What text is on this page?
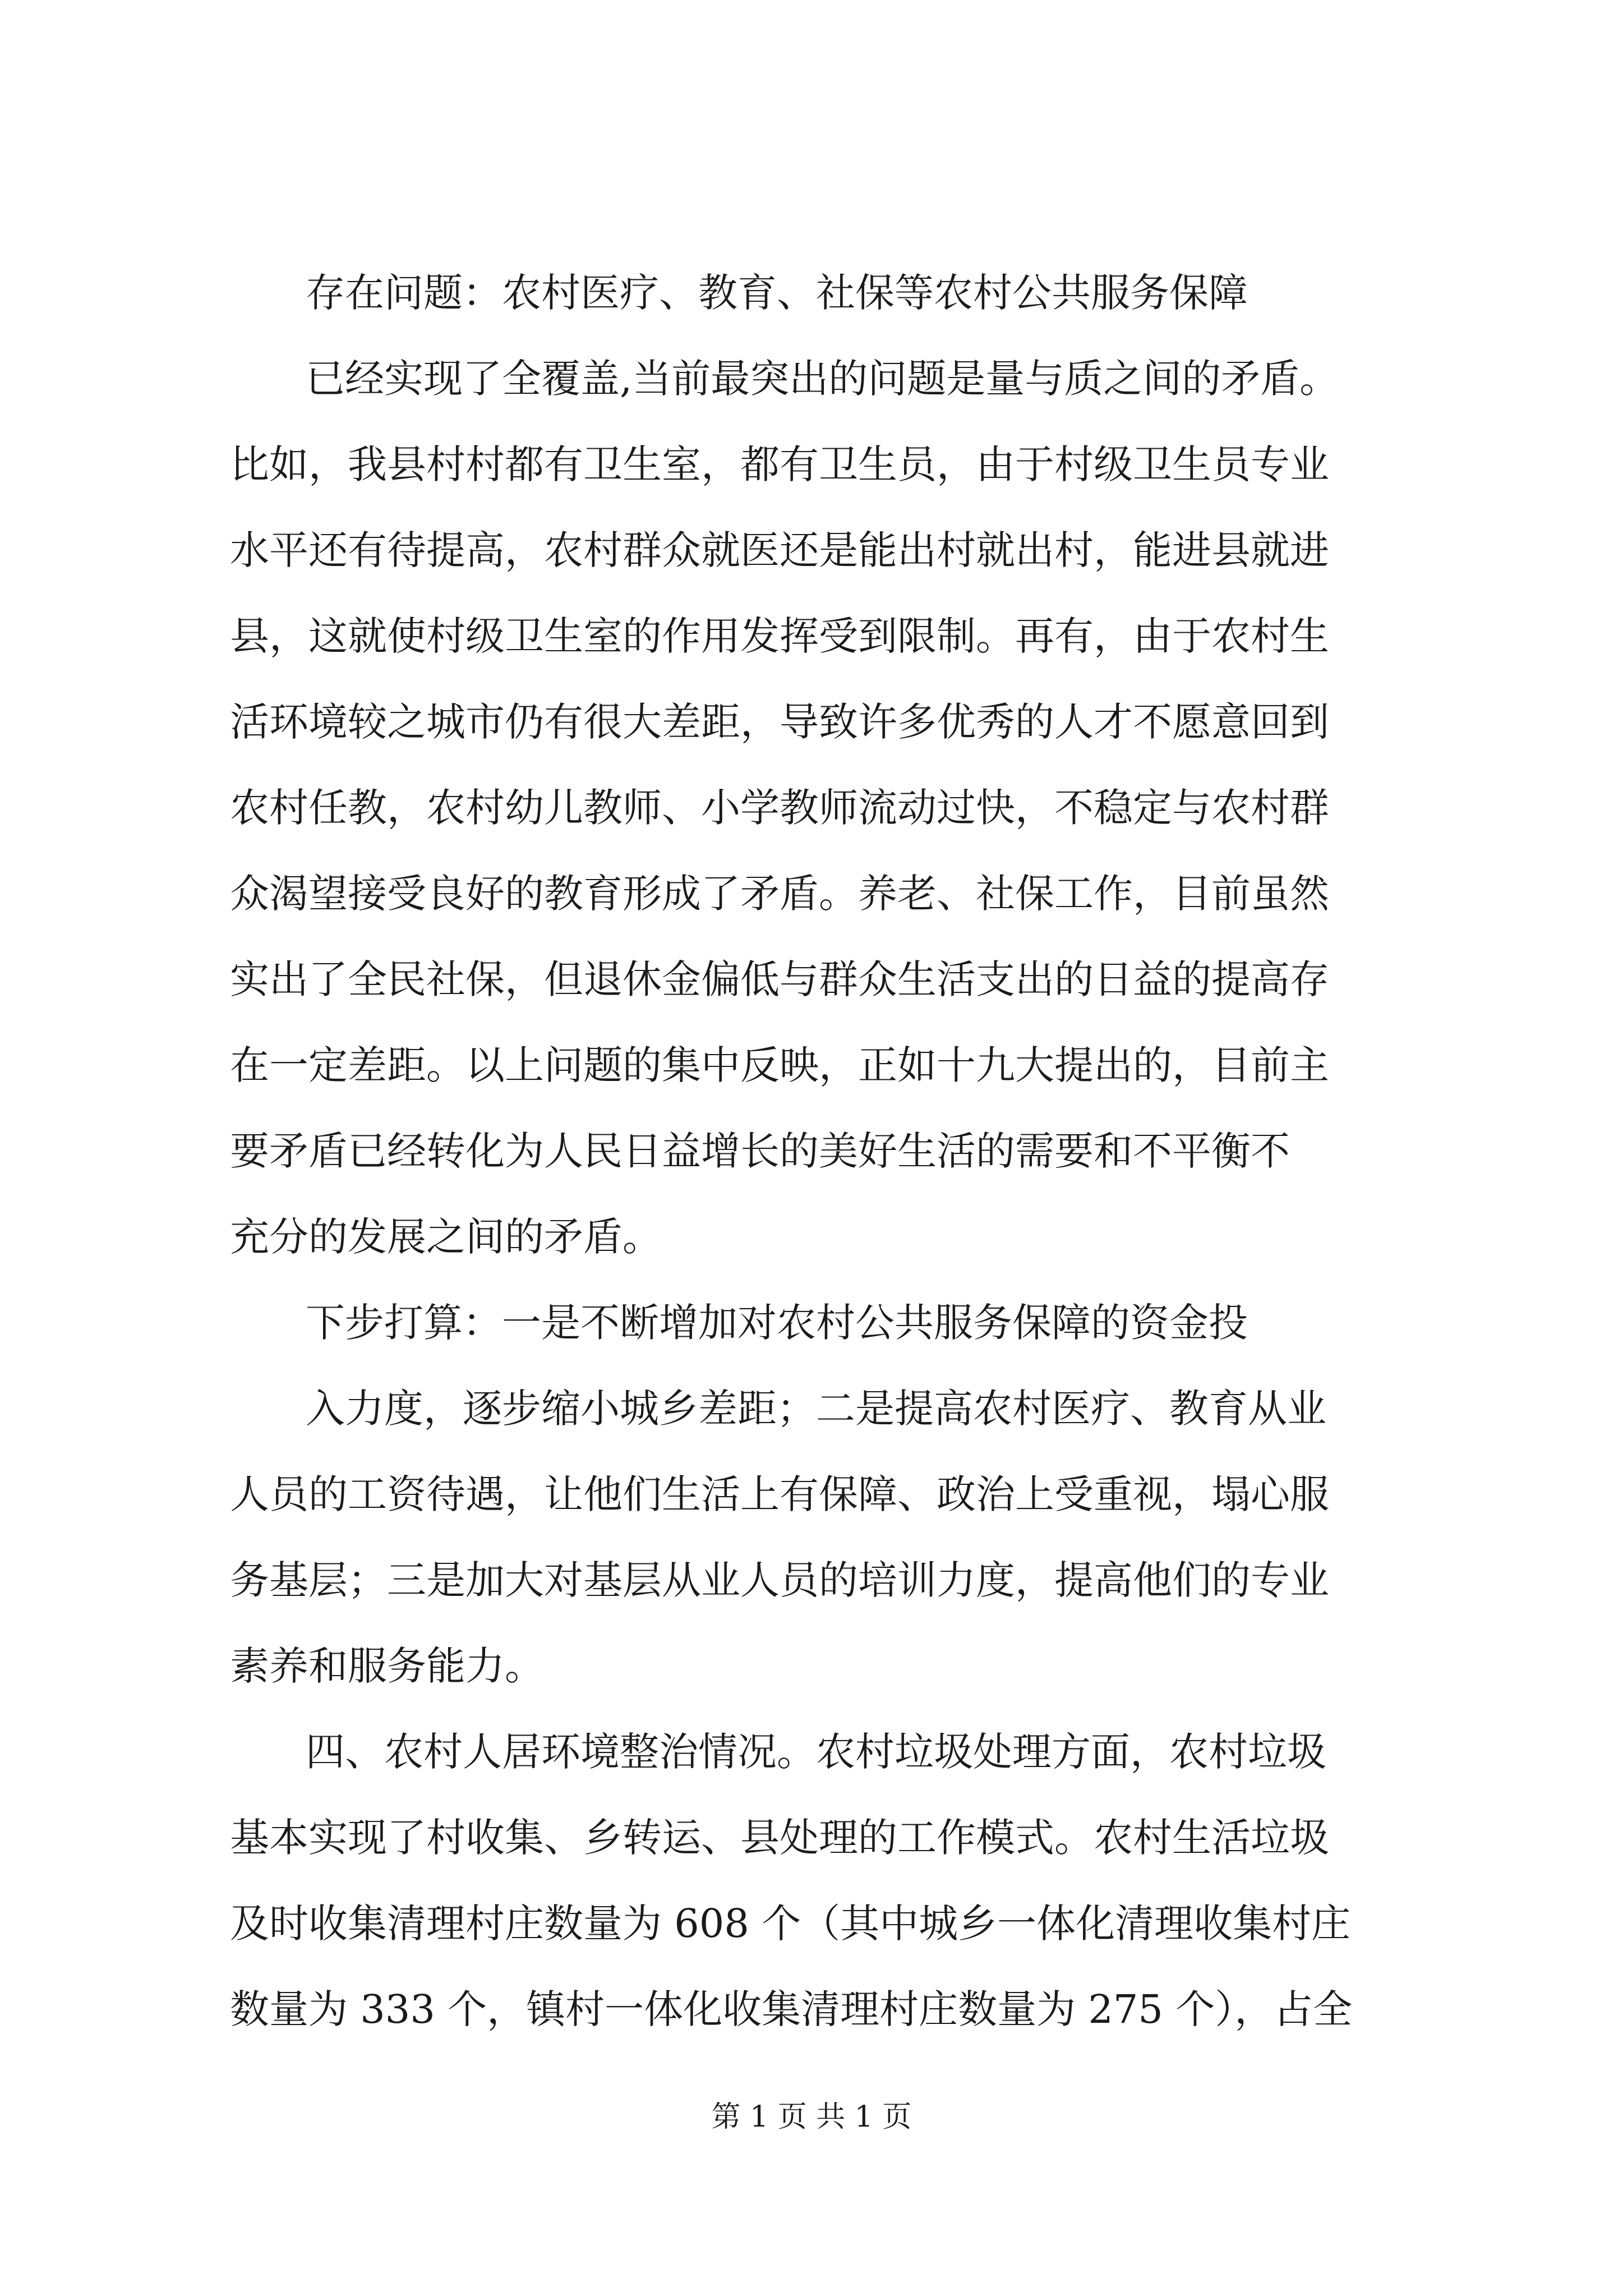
存在问题：农村医疗、教育、社保等农村公共服务保障
已经实现了全覆盖,当前最突出的问题是量与质之间的矛盾。
比如，我县村村都有卫生室，都有卫生员，由于村级卫生员专业
水平还有待提高，农村群众就医还是能出村就出村，能进县就进
县，这就使村级卫生室的作用发挥受到限制。再有，由于农村生
活环境较之城市仍有很大差距，导致许多优秀的人才不愿意回到
农村任教，农村幼儿教师、小学教师流动过快，不稳定与农村群
众渴望接受良好的教育形成了矛盾。养老、社保工作，目前虽然
实出了全民社保，但退休金偏低与群众生活支出的日益的提高存
在一定差距。以上问题的集中反映，正如十九大提出的，目前主
要矛盾已经转化为人民日益增长的美好生活的需要和不平衡不
充分的发展之间的矛盾。
下步打算：一是不断增加对农村公共服务保障的资金投
入力度，逐步缩小城乡差距；二是提高农村医疗、教育从业
人员的工资待遇，让他们生活上有保障、政治上受重视，塌心服
务基层；三是加大对基层从业人员的培训力度，提高他们的专业
素养和服务能力。
四、农村人居环境整治情况。农村垃圾处理方面，农村垃圾
基本实现了村收集、乡转运、县处理的工作模式。农村生活垃圾
及时收集清理村庄数量为 608 个（其中城乡一体化清理收集村庄
数量为 333 个，镇村一体化收集清理村庄数量为 275 个），占全
第 1 页 共 1 页
